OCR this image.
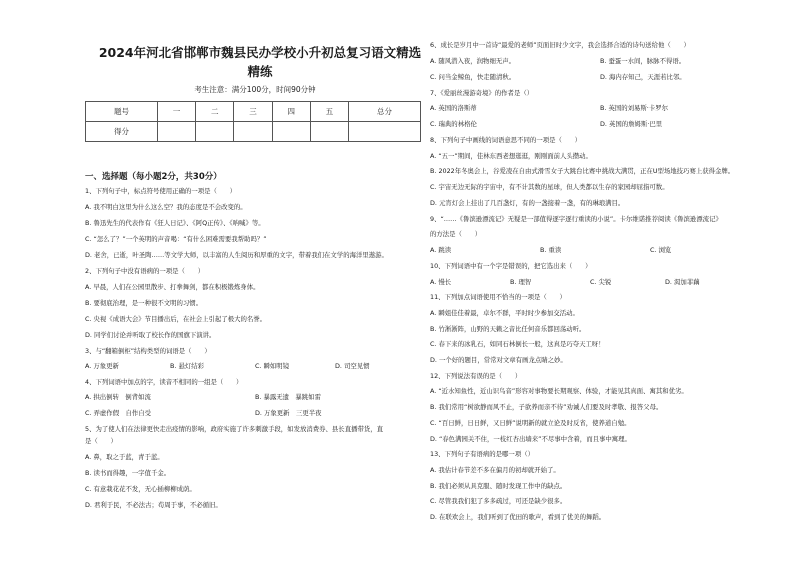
2024年河北省邯郸市魏县民办学校小升初总复习语文精选精练
考生注意：满分100分，时间90分钟
题号	一	二	三	四	五	总分
得分						
一、选择题（每小题2分，共30分）
1、下列句子中，标点符号使用正确的一项是（　　）
A. 我不明白这里为什么这么空？我的态度是不会改变的。
B. 鲁迅先生的代表作有《狂人日记》、《阿Q正传》、《呐喊》等。
C. “怎么了？”一个英明的声音喝：“有什么困难需要我帮助吗？”
D. 老舍，已逝，叶圣陶……等文学大师，以丰富的人生阅历和厚重的文字，带着我们在文学的海洋里遨游。
2、下列句子中没有语病的一项是（　　）
A. 早晨，人们在公园里散步、打拳舞剑，都在积极锻炼身体。
B. 要彻底治理，是一种很不文明的习惯。
C. 央视《成语大会》节目播出后，在社会上引起了极大的名誉。
D. 同学们讨论并听取了校长作的国旗下演讲。
3、与“翻箱倒柜”结构类型的词语是（　　）
A. 万象更新	B. 悬灯结彩	C. 瞬如明镜	D. 司空见惯
4、下列词语中加点的字，读音不相同的一组是（　　）
A. 拱出倒转　倒背如流	B. 暴露无遗　暴跳如雷
C. 弄虚作假　自作自受	D. 万象更新　三更半夜
5、为了使人们在法律更快走出疫情的影响，政府实施了许多刺激手段，如发放消费券、县长直播带货，直
是（　　）
A. 鼻，取之于蓝，青于蓝。
B. 读书而得趣，一字值千金。
C. 有意栽花花不发，无心插柳柳成荫。
D. 君利于民，不必法古；苟周于事，不必循旧。
6、成长是岁月中一首诗“最爱的老师”页面旧时少文字，我会选择合适的诗句送给他（　　）
A. 随风潜入夜，润物细无声。	B. 蚕蛋一水间，脉脉不得语。
C. 问当金鲸鱼，快走随清秋。	D. 海内存知己，天涯若比邻。
7、《爱丽丝漫游奇境》的作者是（）
A. 英国的洛斯蒂	B. 英国的刘易斯·卡罗尔
C. 瑞典的林格伦	D. 英国的詹姆斯·巴里
8、下列句子中画线的词语意思不同的一项是（　　）
A. “五一”期间，佳林东西老想逛逛，刚刚面前人头攒动。
B. 2022年冬奥会上，谷爱凌在自由式滑雪女子大跳台比赛中挑战大满贯，正在U型场地技巧赛上获得金牌。
C. 宇宙无边无际的宇宙中，有不计其数的星球，但人类都以生存的家园却屈指可数。
D. 元宵灯会上挂出了几百盏灯，有的一盏接着一盏，有的琳琅满目。
9、“……《鲁滨逊漂流记》无疑是一部值得逐字逐行重读的小说”。卡尔维诺推荐阅读《鲁滨逊漂流记》
的方法是（　　）
A. 跳读	B. 重读	C. 浏览
10、下列词语中有一个字是错误的，把它选出来（　　）
A. 慢长	B. 理智	C. 尖锐	D. 渴加菲藕
11、下列加点词语使用不恰当的一项是（　　）
A. 瞬姐佳佳着最，卓尔不群，平时时少参加交活动。
B. 竹淅淅阵，山野的天籁之音比任何音乐都回荡动听。
C. 春下来的冰乳石，如同石林倒长一般，这真是巧夺天工呀！
D. 一个好的题目，常常对文章有画龙点睛之妙。
12、下列说法有误的是（　　）
A. “近水知鱼性，近山识鸟音”形容对事物要长期观察、体验，才能见其真面、寓其和优劣。
B. 我们常用“树欲静而风不止，子欲养而亲不待”劝诫人们要及时孝敬、报答父母。
C. “百日鲜，日日鲜，又日鲜”说明新的就立论及时反省，使养道自勉。
D. “春色满园关不住，一枝红杏出墙来”不尽事中含着，而且事中寓理。
13、下列句子有语病的是哪一项（）
A. 我估计春节差不多在偏月的初却就开始了。
B. 我们必须从具克服、随时发现工作中的缺点。
C. 尽管我我们犯了多多疏过，可还是缺少很多。
D. 在联欢会上，我们听到了优田的歌声，看到了优美的舞蹈。
